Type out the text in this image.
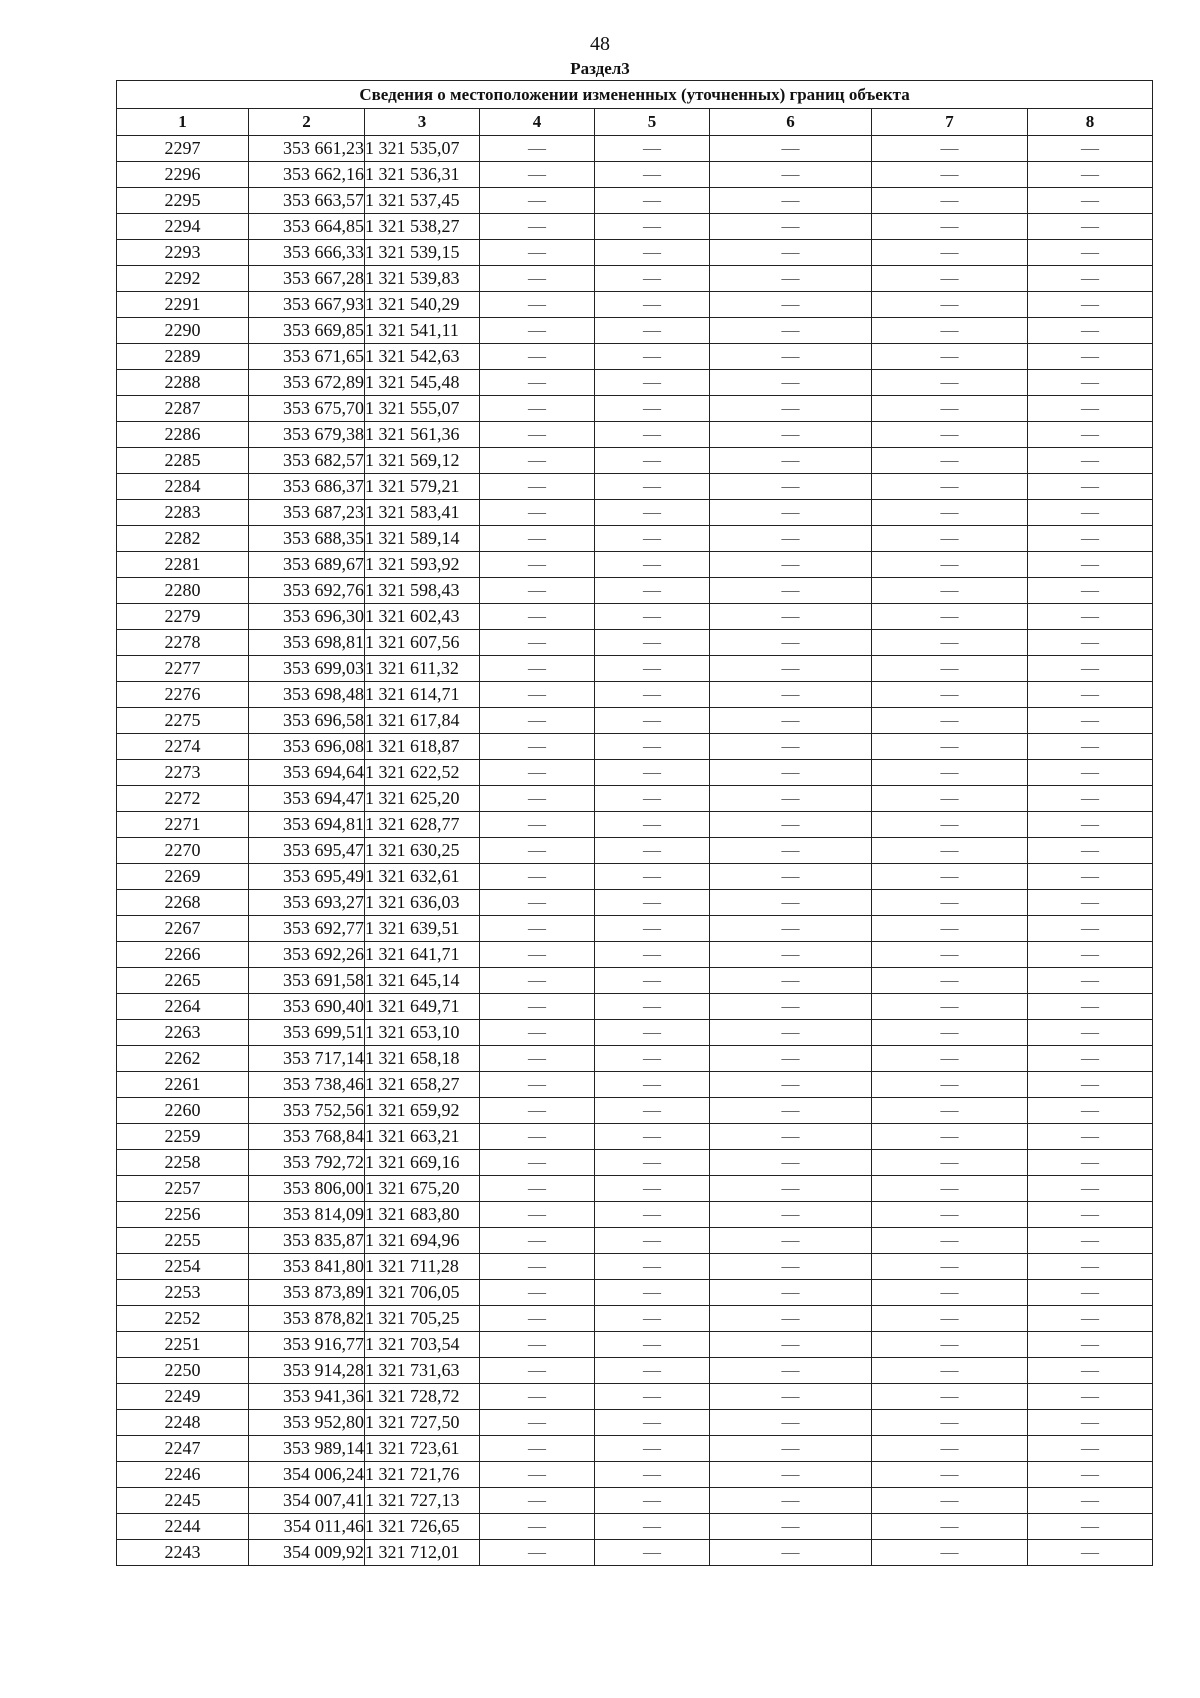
48
Раздел3
Сведения о местоположении измененных (уточненных) границ объекта							
1	2	3	4	5	6	7	8
2297	353 661,23	1 321 535,07	—	—	—	—	—
2296	353 662,16	1 321 536,31	—	—	—	—	—
2295	353 663,57	1 321 537,45	—	—	—	—	—
2294	353 664,85	1 321 538,27	—	—	—	—	—
2293	353 666,33	1 321 539,15	—	—	—	—	—
2292	353 667,28	1 321 539,83	—	—	—	—	—
2291	353 667,93	1 321 540,29	—	—	—	—	—
2290	353 669,85	1 321 541,11	—	—	—	—	—
2289	353 671,65	1 321 542,63	—	—	—	—	—
2288	353 672,89	1 321 545,48	—	—	—	—	—
2287	353 675,70	1 321 555,07	—	—	—	—	—
2286	353 679,38	1 321 561,36	—	—	—	—	—
2285	353 682,57	1 321 569,12	—	—	—	—	—
2284	353 686,37	1 321 579,21	—	—	—	—	—
2283	353 687,23	1 321 583,41	—	—	—	—	—
2282	353 688,35	1 321 589,14	—	—	—	—	—
2281	353 689,67	1 321 593,92	—	—	—	—	—
2280	353 692,76	1 321 598,43	—	—	—	—	—
2279	353 696,30	1 321 602,43	—	—	—	—	—
2278	353 698,81	1 321 607,56	—	—	—	—	—
2277	353 699,03	1 321 611,32	—	—	—	—	—
2276	353 698,48	1 321 614,71	—	—	—	—	—
2275	353 696,58	1 321 617,84	—	—	—	—	—
2274	353 696,08	1 321 618,87	—	—	—	—	—
2273	353 694,64	1 321 622,52	—	—	—	—	—
2272	353 694,47	1 321 625,20	—	—	—	—	—
2271	353 694,81	1 321 628,77	—	—	—	—	—
2270	353 695,47	1 321 630,25	—	—	—	—	—
2269	353 695,49	1 321 632,61	—	—	—	—	—
2268	353 693,27	1 321 636,03	—	—	—	—	—
2267	353 692,77	1 321 639,51	—	—	—	—	—
2266	353 692,26	1 321 641,71	—	—	—	—	—
2265	353 691,58	1 321 645,14	—	—	—	—	—
2264	353 690,40	1 321 649,71	—	—	—	—	—
2263	353 699,51	1 321 653,10	—	—	—	—	—
2262	353 717,14	1 321 658,18	—	—	—	—	—
2261	353 738,46	1 321 658,27	—	—	—	—	—
2260	353 752,56	1 321 659,92	—	—	—	—	—
2259	353 768,84	1 321 663,21	—	—	—	—	—
2258	353 792,72	1 321 669,16	—	—	—	—	—
2257	353 806,00	1 321 675,20	—	—	—	—	—
2256	353 814,09	1 321 683,80	—	—	—	—	—
2255	353 835,87	1 321 694,96	—	—	—	—	—
2254	353 841,80	1 321 711,28	—	—	—	—	—
2253	353 873,89	1 321 706,05	—	—	—	—	—
2252	353 878,82	1 321 705,25	—	—	—	—	—
2251	353 916,77	1 321 703,54	—	—	—	—	—
2250	353 914,28	1 321 731,63	—	—	—	—	—
2249	353 941,36	1 321 728,72	—	—	—	—	—
2248	353 952,80	1 321 727,50	—	—	—	—	—
2247	353 989,14	1 321 723,61	—	—	—	—	—
2246	354 006,24	1 321 721,76	—	—	—	—	—
2245	354 007,41	1 321 727,13	—	—	—	—	—
2244	354 011,46	1 321 726,65	—	—	—	—	—
2243	354 009,92	1 321 712,01	—	—	—	—	—
